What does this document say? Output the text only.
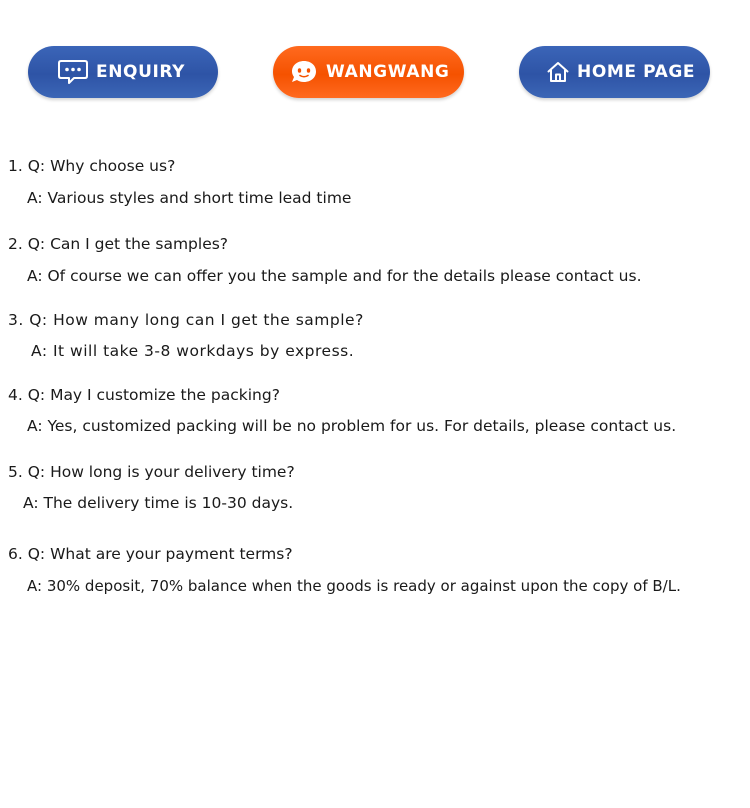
ENQUIRY	WANGWANG	HOME PAGE

1. Q: Why choose us?

A: Various styles and short time lead time

2. Q: Can I get the samples?

A: Of course we can offer you the sample and for the details please contact us.

3. Q: How many long can I get the sample?

A: It will take 3-8 workdays by express.

4. Q: May I customize the packing?

A: Yes, customized packing will be no problem for us. For details, please contact us.

5. Q: How long is your delivery time?

A: The delivery time is 10-30 days.

6. Q: What are your payment terms?

A: 30% deposit, 70% balance when the goods is ready or against upon the copy of B/L.
